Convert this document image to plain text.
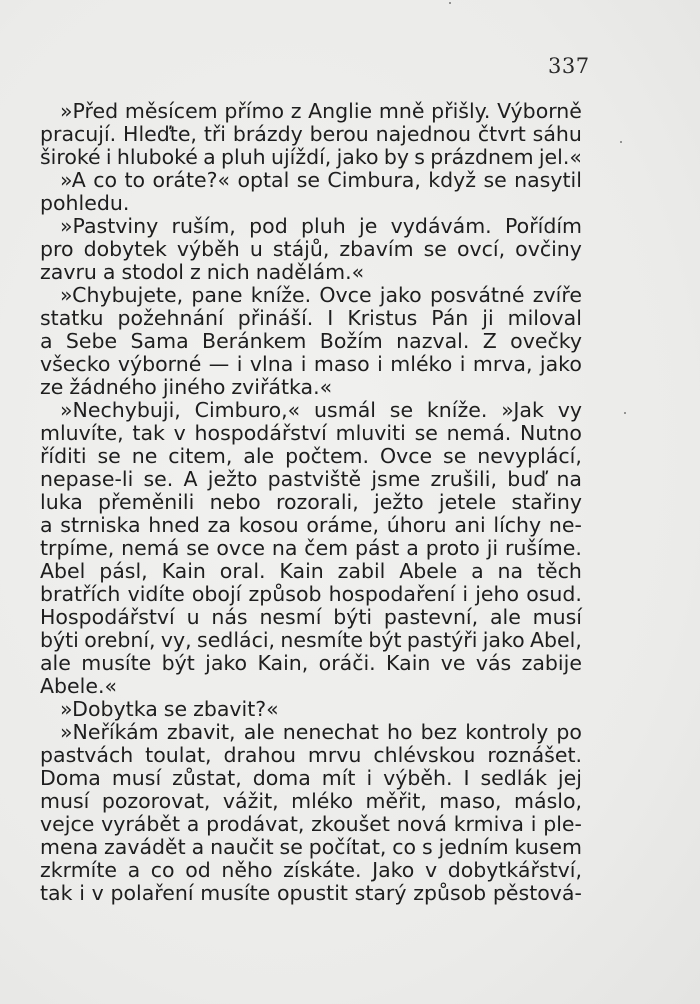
337
»Před měsícem přímo z Anglie mně přišly. Výborně
pracují. Hleďte, tři brázdy berou najednou čtvrt sáhu
široké i hluboké a pluh ujíždí, jako by s prázdnem jel.«
»A co to oráte?« optal se Cimbura, když se nasytil
pohledu.
»Pastviny ruším, pod pluh je vydávám. Pořídím
pro dobytek výběh u stájů, zbavím se ovcí, ovčiny
zavru a stodol z nich nadělám.«
»Chybujete, pane kníže. Ovce jako posvátné zvíře
statku požehnání přináší. I Kristus Pán ji miloval
a Sebe Sama Beránkem Božím nazval. Z ovečky
všecko výborné — i vlna i maso i mléko i mrva, jako
ze žádného jiného zviřátka.«
»Nechybuji, Cimburo,« usmál se kníže. »Jak vy
mluvíte, tak v hospodářství mluviti se nemá. Nutno
říditi se ne citem, ale počtem. Ovce se nevyplácí,
nepase-li se. A ježto pastviště jsme zrušili, buď na
luka přeměnili nebo rozorali, ježto jetele stařiny
a strniska hned za kosou oráme, úhoru ani líchy ne-
trpíme, nemá se ovce na čem pást a proto ji rušíme.
Abel pásl, Kain oral. Kain zabil Abele a na těch
bratřích vidíte obojí způsob hospodaření i jeho osud.
Hospodářství u nás nesmí býti pastevní, ale musí
býti orební, vy, sedláci, nesmíte být pastýři jako Abel,
ale musíte být jako Kain, oráči. Kain ve vás zabije
Abele.«
»Dobytka se zbavit?«
»Neříkám zbavit, ale nenechat ho bez kontroly po
pastvách toulat, drahou mrvu chlévskou roznášet.
Doma musí zůstat, doma mít i výběh. I sedlák jej
musí pozorovat, vážit, mléko měřit, maso, máslo,
vejce vyrábět a prodávat, zkoušet nová krmiva i ple-
mena zavádět a naučit se počítat, co s jedním kusem
zkrmíte a co od něho získáte. Jako v dobytkářství,
tak i v polaření musíte opustit starý způsob pěstová-
